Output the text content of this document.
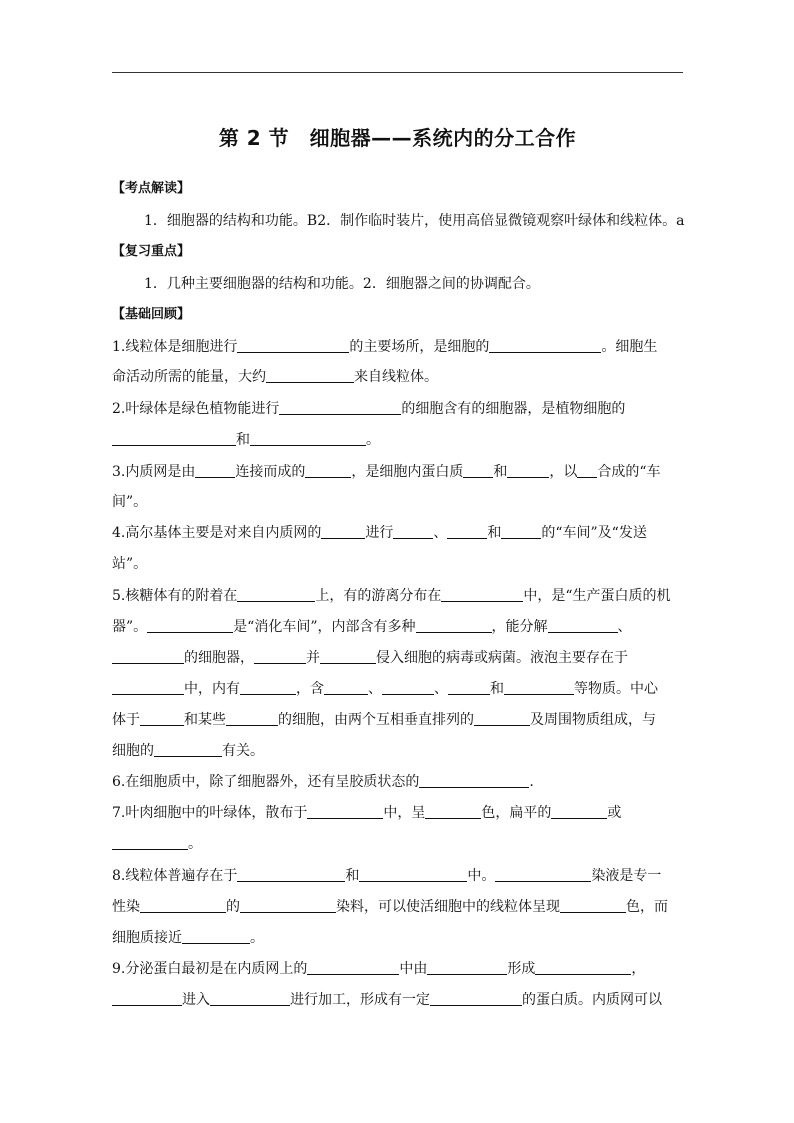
第 2 节　细胞器——系统内的分工合作
【考点解读】
1．细胞器的结构和功能。B2．制作临时装片，使用高倍显微镜观察叶绿体和线粒体。a
【复习重点】
1．几种主要细胞器的结构和功能。2．细胞器之间的协调配合。
【基础回顾】
1.线粒体是细胞进行	的主要场所，是细胞的	。细胞生
命活动所需的能量，大约	来自线粒体。
2.叶绿体是绿色植物能进行	的细胞含有的细胞器，是植物细胞的
和	。
3.内质网是由	连接而成的	，是细胞内蛋白质 和	，以 合成的“车
间”。
4.高尔基体主要是对来自内质网的	进行	、	和	的“车间”及“发送
站”。
5.核糖体有的附着在	上，有的游离分布在	中，是“生产蛋白质的机
器”。	是“消化车间”，内部含有多种	，能分解	、
的细胞器，	并	侵入细胞的病毒或病菌。液泡主要存在于
中，内有	，含	、	、	和	等物质。中心
体于	和某些	的细胞，由两个互相垂直排列的	及周围物质组成，与
细胞的	有关。
6.在细胞质中，除了细胞器外，还有呈胶质状态的	.
7.叶肉细胞中的叶绿体，散布于	中，呈	色，扁平的	或
。
8.线粒体普遍存在于	和	中。	染液是专一
性染	的	染料，可以使活细胞中的线粒体呈现	色，而
细胞质接近	。
9.分泌蛋白最初是在内质网上的	中由	形成	，
进入	进行加工，形成有一定	的蛋白质。内质网可以
